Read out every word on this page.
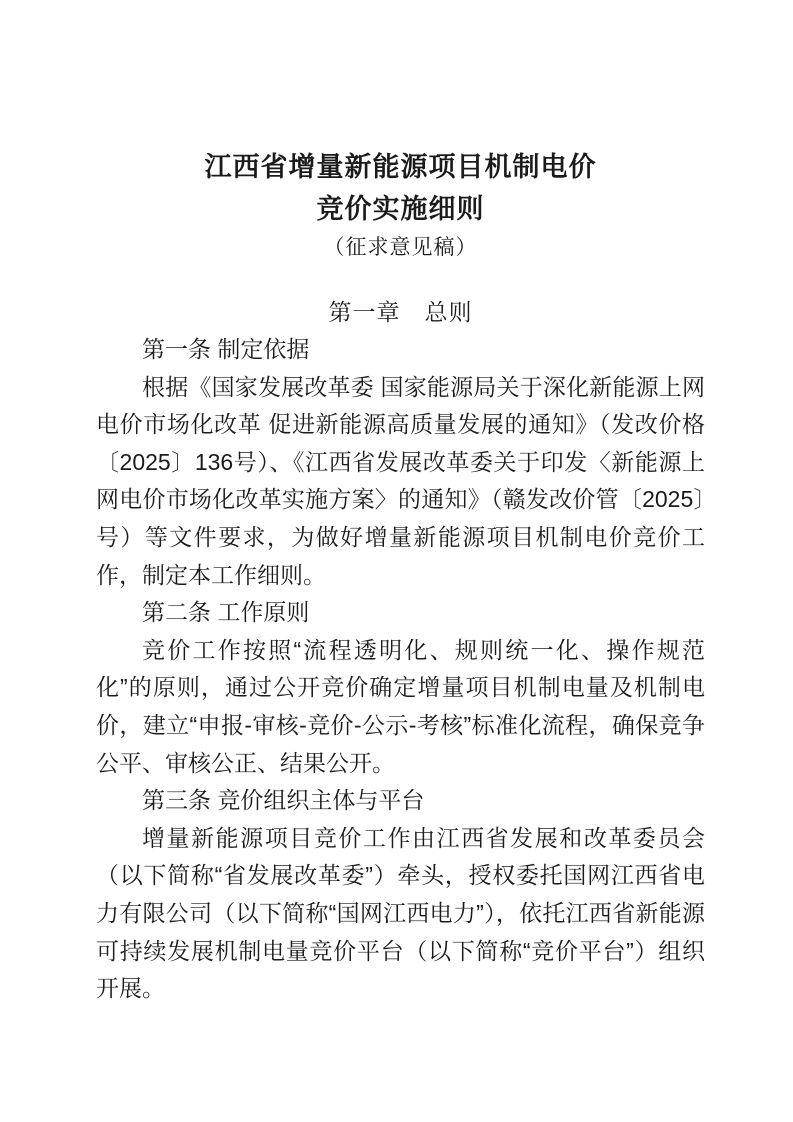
江西省增量新能源项目机制电价
竞价实施细则
（征求意见稿）
第一章　总则
第一条 制定依据

根据《国家发展改革委 国家能源局关于深化新能源上网电价市场化改革 促进新能源高质量发展的通知》（发改价格〔2025〕136号）、《江西省发展改革委关于印发〈新能源上网电价市场化改革实施方案〉的通知》（赣发改价管〔2025〕　　号）等文件要求，为做好增量新能源项目机制电价竞价工作，制定本工作细则。

第二条 工作原则

竞价工作按照“流程透明化、规则统一化、操作规范化”的原则，通过公开竞价确定增量项目机制电量及机制电价，建立“申报-审核-竞价-公示-考核”标准化流程，确保竞争公平、审核公正、结果公开。

第三条 竞价组织主体与平台

增量新能源项目竞价工作由江西省发展和改革委员会（以下简称“省发展改革委”）牵头，授权委托国网江西省电力有限公司（以下简称“国网江西电力”），依托江西省新能源可持续发展机制电量竞价平台（以下简称“竞价平台”）组织开展。
